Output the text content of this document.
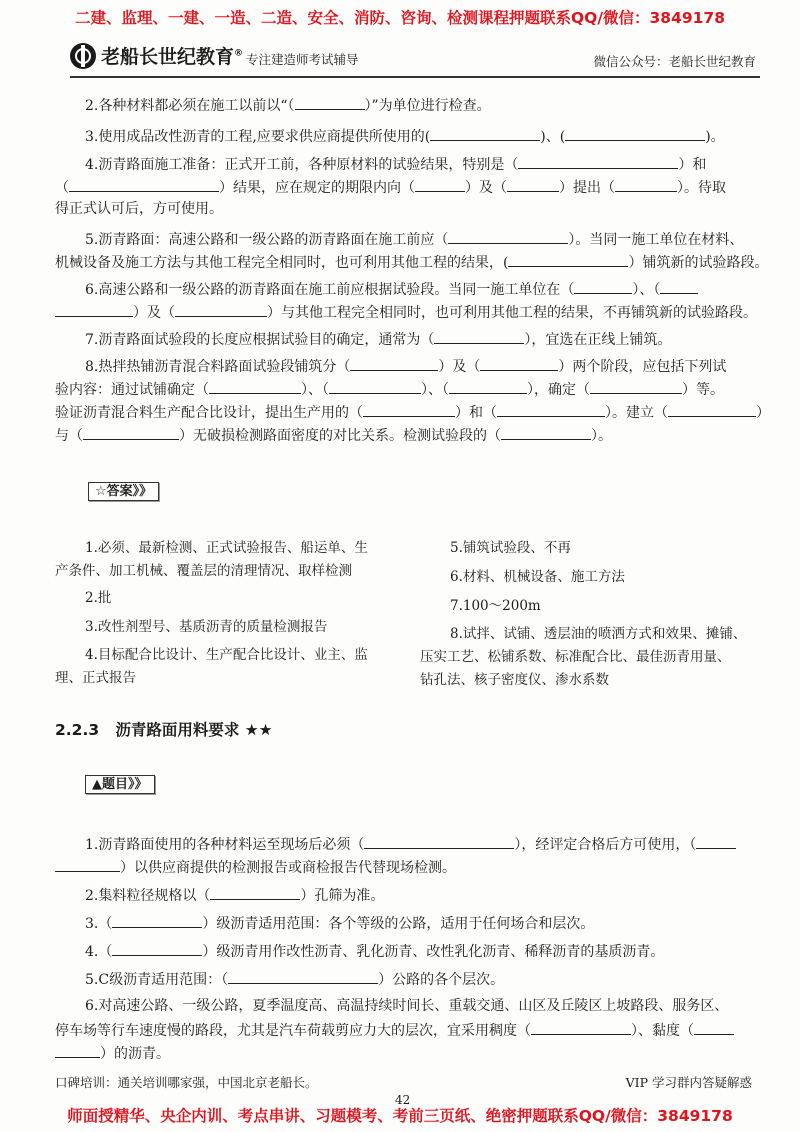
二建、监理、一建、一造、二造、安全、消防、咨询、检测课程押题联系QQ/微信：3849178
老船长世纪教育® 专注建造师考试辅导	微信公众号：老船长世纪教育
2.各种材料都必须在施工以前以“（	）”为单位进行检查。
3.使用成品改性沥青的工程,应要求供应商提供所使用的(	)、(	)。
4.沥青路面施工准备：正式开工前，各种原材料的试验结果，特别是（	）和
（	）结果，应在规定的期限内向（	）及（	）提出（	）。待取
得正式认可后，方可使用。
5.沥青路面：高速公路和一级公路的沥青路面在施工前应（	）。当同一施工单位在材料、
机械设备及施工方法与其他工程完全相同时，也可利用其他工程的结果，(	）铺筑新的试验路段。
6.高速公路和一级公路的沥青路面在施工前应根据试验段。当同一施工单位在（	）、（
）及（	）与其他工程完全相同时，也可利用其他工程的结果，不再铺筑新的试验路段。
7.沥青路面试验段的长度应根据试验目的确定，通常为（	），宜选在正线上铺筑。
8.热拌热铺沥青混合料路面试验段铺筑分（	）及（	）两个阶段，应包括下列试
验内容：通过试铺确定（	）、（	）、（	），确定（	）等。
验证沥青混合料生产配合比设计，提出生产用的（	）和（	）。建立（	）
与（	）无破损检测路面密度的对比关系。检测试验段的（	）。
☆答案》》
1.必须、最新检测、正式试验报告、船运单、生
产条件、加工机械、覆盖层的清理情况、取样检测
2.批
3.改性剂型号、基质沥青的质量检测报告
4.目标配合比设计、生产配合比设计、业主、监
理、正式报告
5.铺筑试验段、不再
6.材料、机械设备、施工方法
7.100～200m
8.试拌、试铺、透层油的喷洒方式和效果、摊铺、
压实工艺、松铺系数、标准配合比、最佳沥青用量、
钻孔法、核子密度仪、渗水系数
2.2.3 沥青路面用料要求 ★★
▲题目》》
1.沥青路面使用的各种材料运至现场后必须（	），经评定合格后方可使用，（
）以供应商提供的检测报告或商检报告代替现场检测。
2.集料粒径规格以（	）孔筛为准。
3.（	）级沥青适用范围：各个等级的公路，适用于任何场合和层次。
4.（	）级沥青用作改性沥青、乳化沥青、改性乳化沥青、稀释沥青的基质沥青。
5.C级沥青适用范围：（	）公路的各个层次。
6.对高速公路、一级公路，夏季温度高、高温持续时间长、重载交通、山区及丘陵区上坡路段、服务区、
停车场等行车速度慢的路段，尤其是汽车荷载剪应力大的层次，宜采用稠度（	）、黏度（
）的沥青。
口碑培训：通关培训哪家强，中国北京老船长。	VIP 学习群内答疑解惑
42
师面授精华、央企内训、考点串讲、习题模考、考前三页纸、绝密押题联系QQ/微信：3849178
